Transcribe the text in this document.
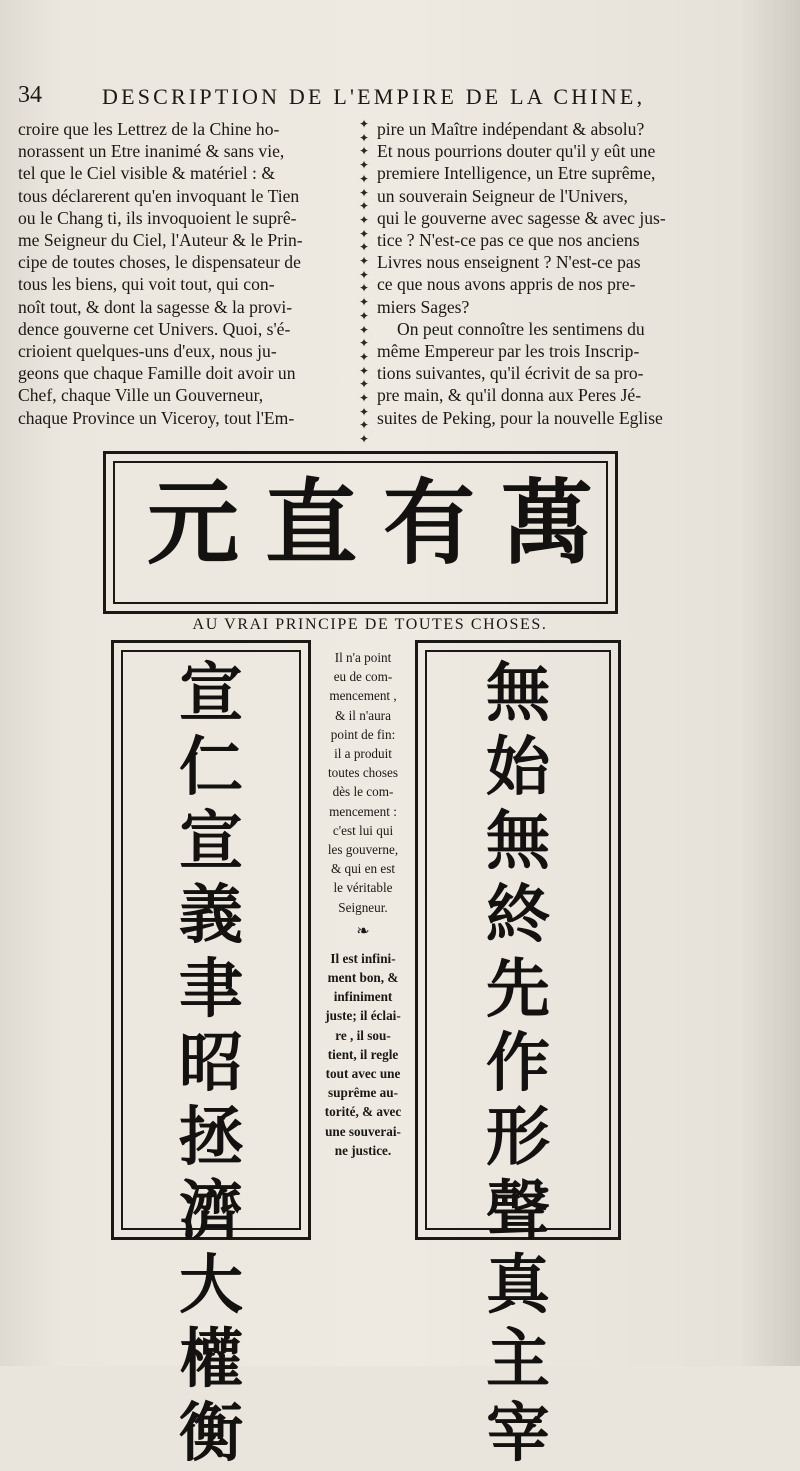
34	DESCRIPTION DE L'EMPIRE DE LA CHINE,
croire que les Lettrez de la Chine ho-
norassent un Etre inanimé & sans vie,
tel que le Ciel visible & matériel : &
tous déclarerent qu'en invoquant le Tien
ou le Chang ti, ils invoquoient le suprê-
me Seigneur du Ciel, l'Auteur & le Prin-
cipe de toutes choses, le dispensateur de
tous les biens, qui voit tout, qui con-
noît tout, & dont la sagesse & la provi-
dence gouverne cet Univers. Quoi, s'é-
crioient quelques-uns d'eux, nous ju-
geons que chaque Famille doit avoir un
Chef, chaque Ville un Gouverneur,
chaque Province un Viceroy, tout l'Em-
✦
✦
✦
✦
✦
✦
✦
✦
✦
✦
✦
✦
✦
✦
✦
✦
✦
✦
✦
✦
✦
✦
✦
✦
pire un Maître indépendant & absolu?
Et nous pourrions douter qu'il y eût une
premiere Intelligence, un Etre suprême,
un souverain Seigneur de l'Univers,
qui le gouverne avec sagesse & avec jus-
tice ? N'est-ce pas ce que nos anciens
Livres nous enseignent ? N'est-ce pas
ce que nous avons appris de nos pre-
miers Sages?
On peut connoître les sentimens du
même Empereur par les trois Inscrip-
tions suivantes, qu'il écrivit de sa pro-
pre main, & qu'il donna aux Peres Jé-
suites de Peking, pour la nouvelle Eglise
元 直 有 萬
AU VRAI PRINCIPE DE TOUTES CHOSES.
宣
仁
宣
義
聿
昭
拯
濟
大
權
衡
Il n'a point
eu de com-
mencement ,
& il n'aura
point de fin:
il a produit
toutes choses
dès le com-
mencement :
c'est lui qui
les gouverne,
& qui en est
le véritable
Seigneur.
❧
Il est infini-
ment bon, &
infiniment
juste; il éclai-
re , il sou-
tient, il regle
tout avec une
suprême au-
torité, & avec
une souverai-
ne justice.
無
始
無
終
先
作
形
聲
真
主
宰
